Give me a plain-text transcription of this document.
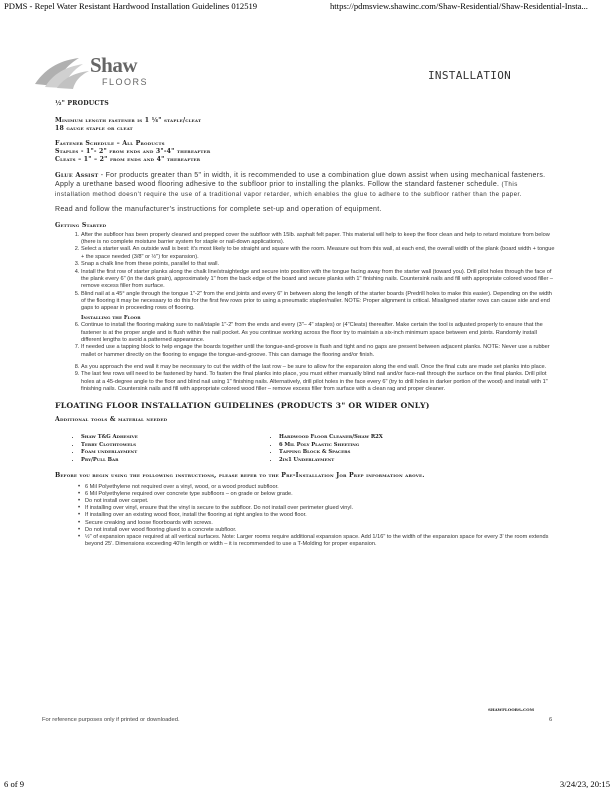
PDMS - Repel Water Resistant Hardwood Installation Guidelines 012519	https://pdmsview.shawinc.com/Shaw-Residential/Shaw-Residential-Insta...
Shaw
FLOORS	INSTALLATION
½" PRODUCTS
Minimum length fastener is 1 ¼" staple/cleat
18 gauge staple or cleat
Fastener Schedule – All Products
Staples - 1"- 2" from ends and 3"-4" thereafter
Cleats – 1" – 2" from ends and 4" thereafter
Glue Assist - For products greater than 5" in width, it is recommended to use a combination glue down assist when using mechanical fasteners. Apply a urethane based wood flooring adhesive to the subfloor prior to installing the planks. Follow the standard fastener schedule. (This installation method doesn't require the use of a traditional vapor retarder, which enables the glue to adhere to the subfloor rather than the paper.
Read and follow the manufacturer's instructions for complete set-up and operation of equipment.
Getting Started
1. After the subfloor has been properly cleaned and prepped cover the subfloor with 15lb. asphalt felt paper. This material will help to keep the floor clean and help to retard moisture from below (there is no complete moisture barrier system for staple or nail-down applications).
2. Select a starter wall. An outside wall is best: it's most likely to be straight and square with the room. Measure out from this wall, at each end, the overall width of the plank (board width + tongue + the space needed (3/8" or ½") for expansion).
3. Snap a chalk line from these points, parallel to that wall.
4. Install the first row of starter planks along the chalk line/straightedge and secure into position with the tongue facing away from the starter wall (toward you). Drill pilot holes through the face of the plank every 6" (in the dark grain), approximately 1" from the back edge of the board and secure planks with 1" finishing nails. Countersink nails and fill with appropriate colored wood filler – remove excess filler from surface.
5. Blind nail at a 45° angle through the tongue 1"-2" from the end joints and every 6" in between along the length of the starter boards (Predrill holes to make this easier). Depending on the width of the flooring it may be necessary to do this for the first few rows prior to using a pneumatic stapler/nailer. NOTE: Proper alignment is critical. Misaligned starter rows can cause side and end gaps to appear in proceeding rows of flooring.
Installing the Floor
6. Continue to install the flooring making sure to nail/staple 1"-2" from the ends and every (3"– 4" staples) or (4"Cleats) thereafter. Make certain the tool is adjusted properly to ensure that the fastener is at the proper angle and is flush within the nail pocket. As you continue working across the floor try to maintain a six-inch minimum space between end joints. Randomly install different lengths to avoid a patterned appearance.
7. If needed use a tapping block to help engage the boards together until the tongue-and-groove is flush and tight and no gaps are present between adjacent planks. NOTE: Never use a rubber mallet or hammer directly on the flooring to engage the tongue-and-groove. This can damage the flooring and/or finish.
8. As you approach the end wall it may be necessary to cut the width of the last row – be sure to allow for the expansion along the end wall. Once the final cuts are made set planks into place.
9. The last few rows will need to be fastened by hand. To fasten the final planks into place, you must either manually blind nail and/or face-nail through the surface on the final planks. Drill pilot holes at a 45-degree angle to the floor and blind nail using 1" finishing nails. Alternatively, drill pilot holes in the face every 6" (try to drill holes in darker portion of the wood) and install with 1" finishing nails. Countersink nails and fill with appropriate colored wood filler – remove excess filler from surface with a clean rag and proper cleaner.
FLOATING FLOOR INSTALLATION GUIDELINES (PRODUCTS 3" OR WIDER ONLY)
Additional tools & material needed
• Shaw T&G Adhesive
• Terry Clothtowels
• Foam underlayment
• Pry/Pull Bar
• Hardwood Floor Cleaner/Shaw R2X
• 6 Mil Poly Plastic Sheeting
• Tapping Block & Spacers
• 2in1 Underlayment
Before you begin using the following instructions, please refer to the Pre-Installation Job Prep information above.
• 6 Mil Polyethylene not required over a vinyl, wood, or a wood product subfloor.
• 6 Mil Polyethylene required over concrete type subfloors – on grade or below grade.
• Do not install over carpet.
• If installing over vinyl, ensure that the vinyl is secure to the subfloor. Do not install over perimeter glued vinyl.
• If installing over an existing wood floor, install the flooring at right angles to the wood floor.
• Secure creaking and loose floorboards with screws.
• Do not install over wood flooring glued to a concrete subfloor.
• ½" of expansion space required at all vertical surfaces. Note: Larger rooms require additional expansion space. Add 1/16" to the width of the expansion space for every 3' the room extends beyond 25'. Dimensions exceeding 40'in length or width – it is recommended to use a T-Molding for proper expansion.
shawfloors.com
For reference purposes only if printed or downloaded.	6
6 of 9	3/24/23, 20:15
